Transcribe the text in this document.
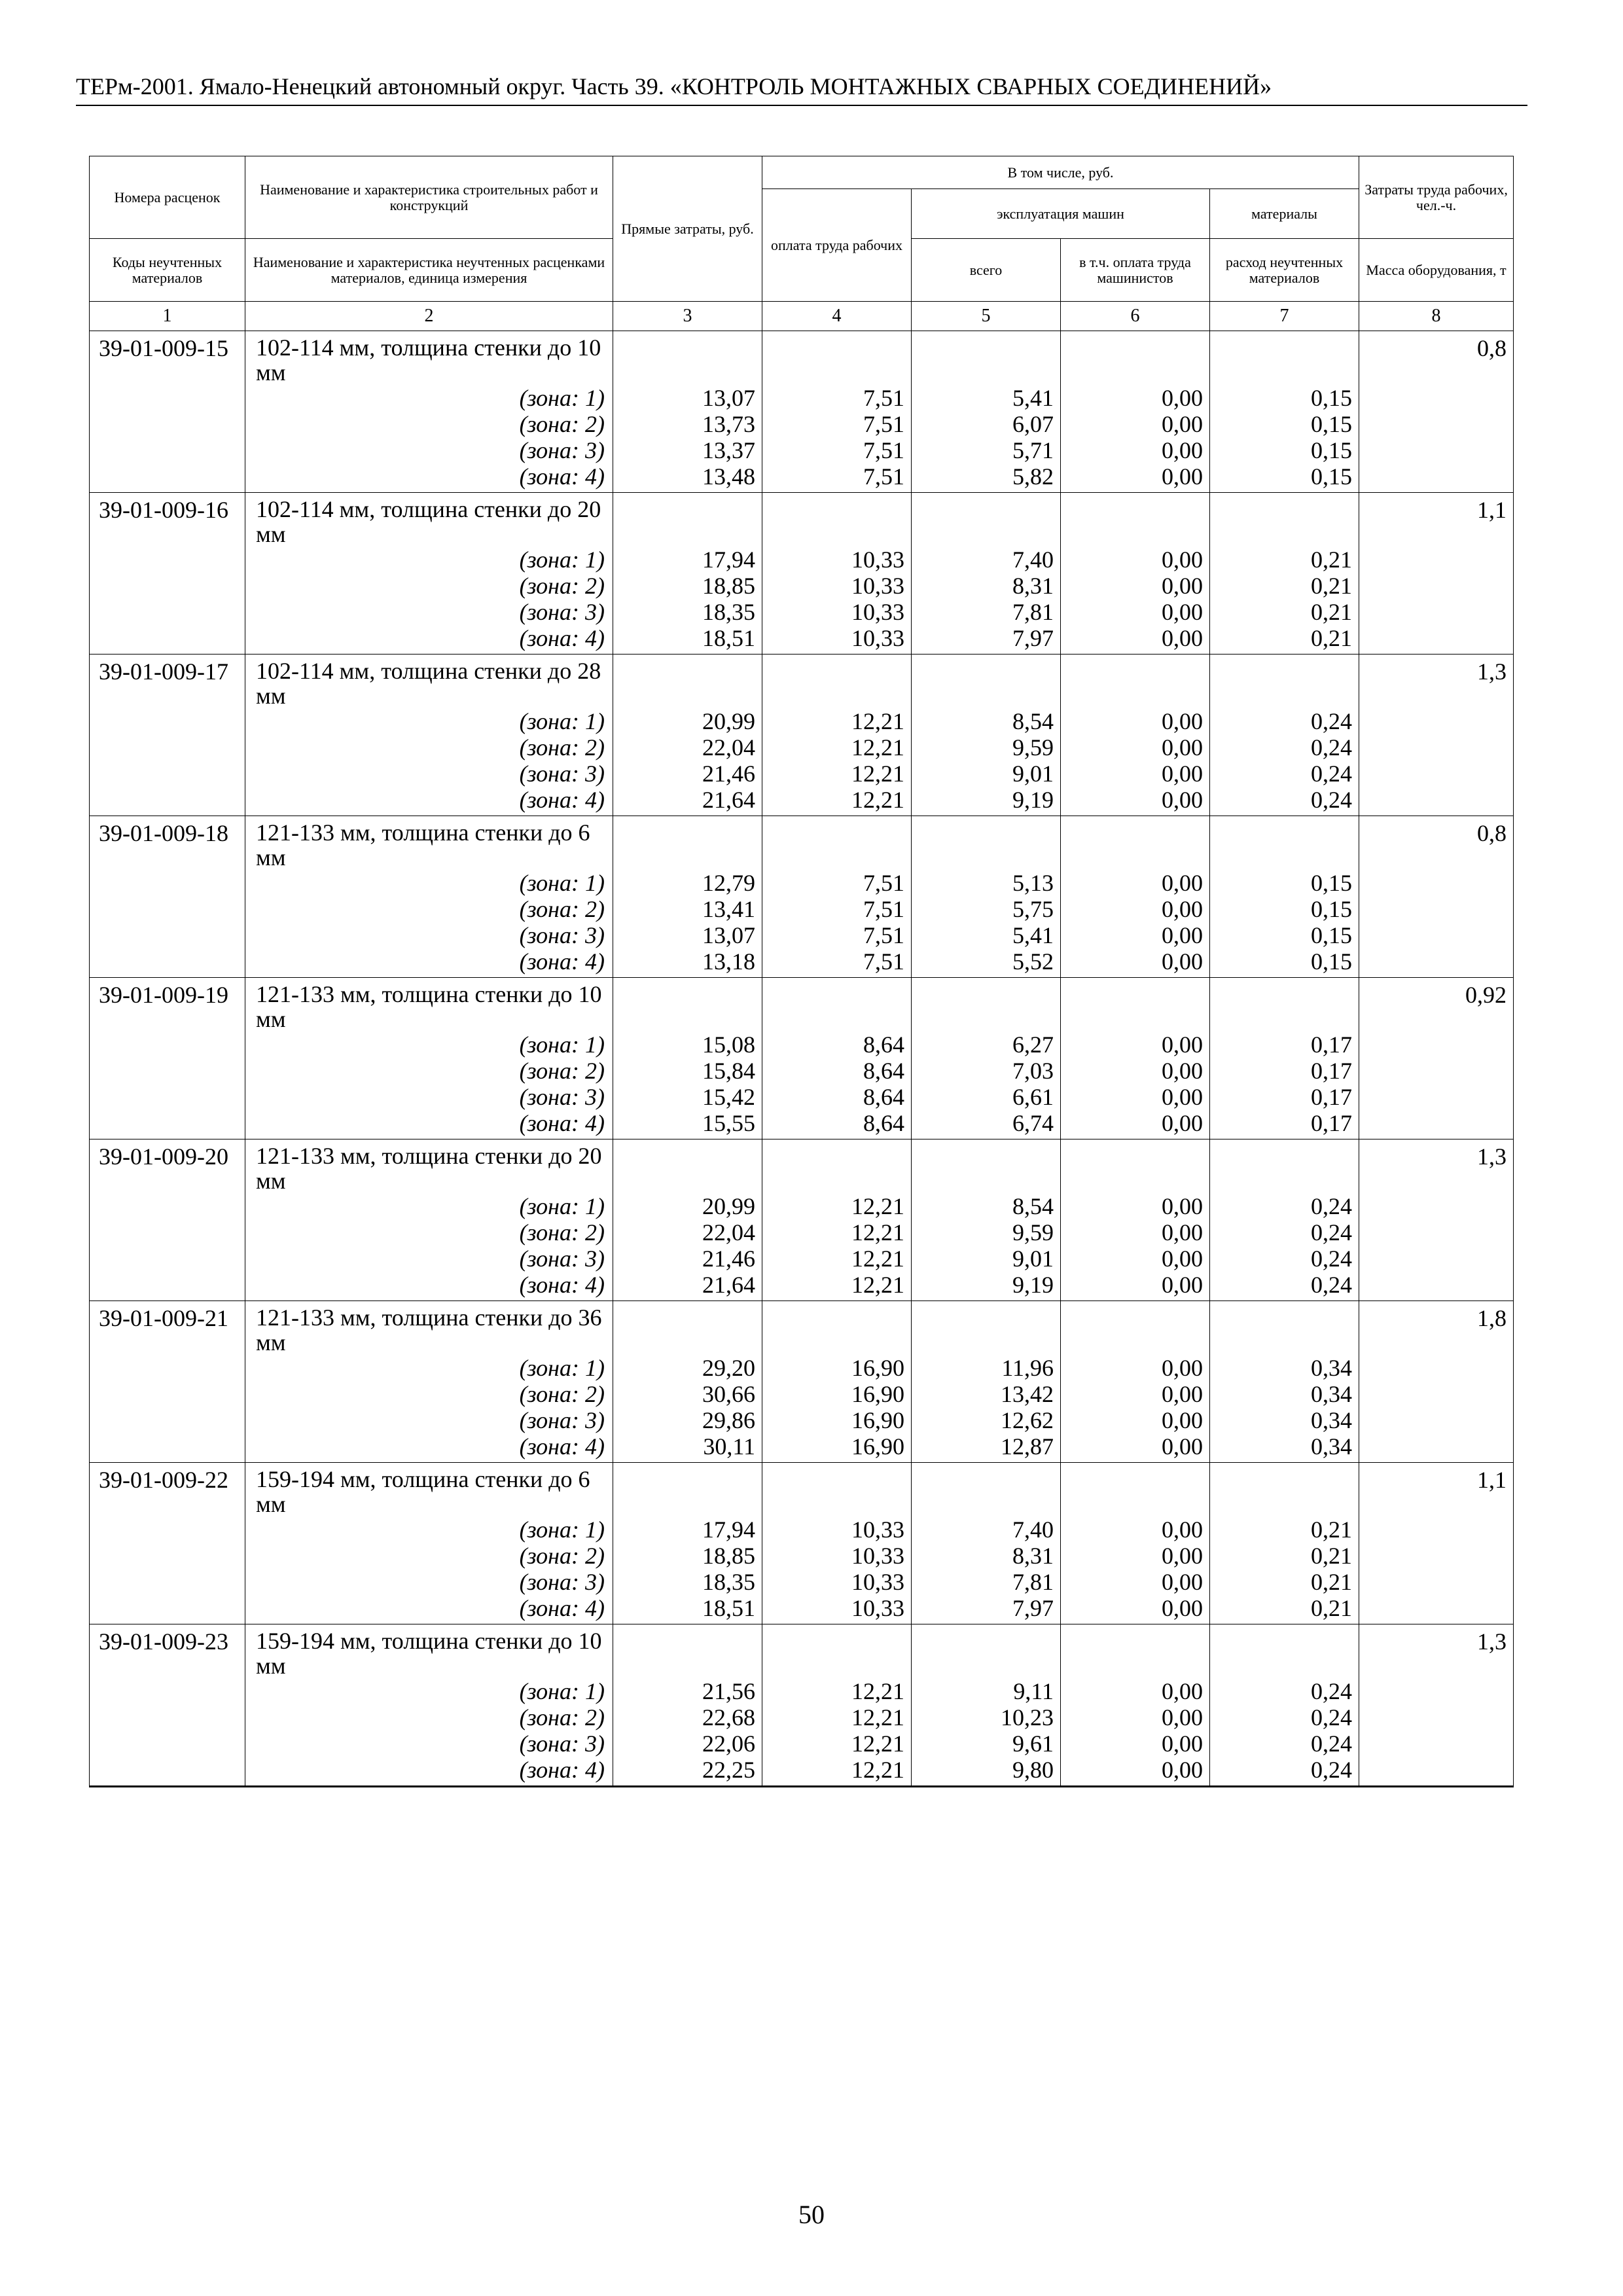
ТЕРм-2001. Ямало-Ненецкий автономный округ. Часть 39. «КОНТРОЛЬ МОНТАЖНЫХ СВАРНЫХ СОЕДИНЕНИЙ»
Номера расценок	Наименование и характеристика строительных работ и конструкций	Прямые затраты, руб.	В том числе, руб.				Затраты труда рабочих, чел.-ч.
			оплата труда рабочих	эксплуатация машин		материалы	
Коды неучтенных материалов	Наименование и характеристика неучтенных расценками материалов, единица измерения			всего	в т.ч. оплата труда машинистов	расход неучтенных материалов	Масса оборудования, т
1	2	3	4	5	6	7	8
39-01-009-15	102-114 мм, толщина стенки до 10 мм						0,8
	(зона: 1)	13,07	7,51	5,41	0,00	0,15	
	(зона: 2)	13,73	7,51	6,07	0,00	0,15	
	(зона: 3)	13,37	7,51	5,71	0,00	0,15	
	(зона: 4)	13,48	7,51	5,82	0,00	0,15	
39-01-009-16	102-114 мм, толщина стенки до 20 мм						1,1
	(зона: 1)	17,94	10,33	7,40	0,00	0,21	
	(зона: 2)	18,85	10,33	8,31	0,00	0,21	
	(зона: 3)	18,35	10,33	7,81	0,00	0,21	
	(зона: 4)	18,51	10,33	7,97	0,00	0,21	
39-01-009-17	102-114 мм, толщина стенки до 28 мм						1,3
	(зона: 1)	20,99	12,21	8,54	0,00	0,24	
	(зона: 2)	22,04	12,21	9,59	0,00	0,24	
	(зона: 3)	21,46	12,21	9,01	0,00	0,24	
	(зона: 4)	21,64	12,21	9,19	0,00	0,24	
39-01-009-18	121-133 мм, толщина стенки до 6 мм						0,8
	(зона: 1)	12,79	7,51	5,13	0,00	0,15	
	(зона: 2)	13,41	7,51	5,75	0,00	0,15	
	(зона: 3)	13,07	7,51	5,41	0,00	0,15	
	(зона: 4)	13,18	7,51	5,52	0,00	0,15	
39-01-009-19	121-133 мм, толщина стенки до 10 мм						0,92
	(зона: 1)	15,08	8,64	6,27	0,00	0,17	
	(зона: 2)	15,84	8,64	7,03	0,00	0,17	
	(зона: 3)	15,42	8,64	6,61	0,00	0,17	
	(зона: 4)	15,55	8,64	6,74	0,00	0,17	
39-01-009-20	121-133 мм, толщина стенки до 20 мм						1,3
	(зона: 1)	20,99	12,21	8,54	0,00	0,24	
	(зона: 2)	22,04	12,21	9,59	0,00	0,24	
	(зона: 3)	21,46	12,21	9,01	0,00	0,24	
	(зона: 4)	21,64	12,21	9,19	0,00	0,24	
39-01-009-21	121-133 мм, толщина стенки до 36 мм						1,8
	(зона: 1)	29,20	16,90	11,96	0,00	0,34	
	(зона: 2)	30,66	16,90	13,42	0,00	0,34	
	(зона: 3)	29,86	16,90	12,62	0,00	0,34	
	(зона: 4)	30,11	16,90	12,87	0,00	0,34	
39-01-009-22	159-194 мм, толщина стенки до 6 мм						1,1
	(зона: 1)	17,94	10,33	7,40	0,00	0,21	
	(зона: 2)	18,85	10,33	8,31	0,00	0,21	
	(зона: 3)	18,35	10,33	7,81	0,00	0,21	
	(зона: 4)	18,51	10,33	7,97	0,00	0,21	
39-01-009-23	159-194 мм, толщина стенки до 10 мм						1,3
	(зона: 1)	21,56	12,21	9,11	0,00	0,24	
	(зона: 2)	22,68	12,21	10,23	0,00	0,24	
	(зона: 3)	22,06	12,21	9,61	0,00	0,24	
	(зона: 4)	22,25	12,21	9,80	0,00	0,24	
50
